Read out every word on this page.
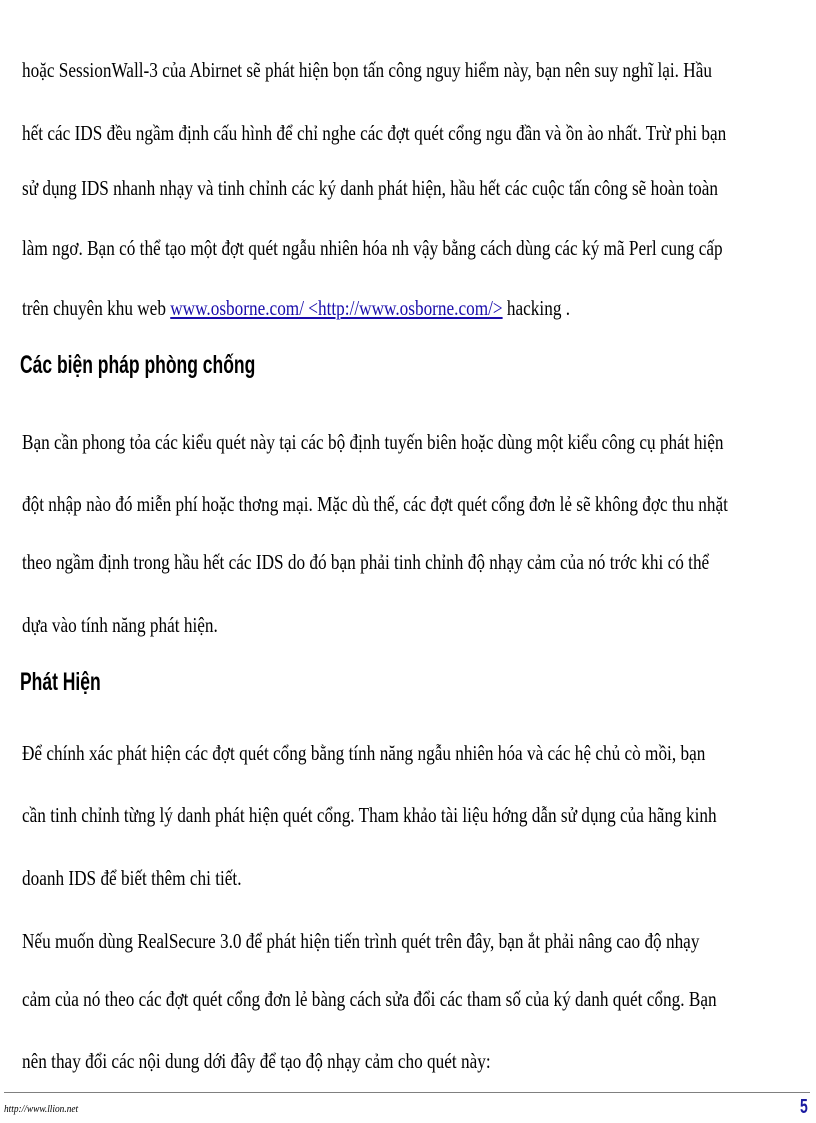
hoặc SessionWall-3 của Abirnet sẽ phát hiện bọn tấn công nguy hiểm này, bạn nên suy nghĩ lại. Hầu
hết các IDS đều ngầm định cấu hình để chỉ nghe các đợt quét cổng ngu đần và ồn ào nhất. Trừ phi bạn
sử dụng IDS nhanh nhạy và tinh chỉnh các ký danh phát hiện, hầu hết các cuộc tấn công sẽ hoàn toàn
làm ngơ. Bạn có thể tạo một đợt quét ngẫu nhiên hóa nh vậy bằng cách dùng các ký mã Perl cung cấp
trên chuyên khu web www.osborne.com/ <http://www.osborne.com/> hacking .
Các biện pháp phòng chống
Bạn cần phong tỏa các kiểu quét này tại các bộ định tuyến biên hoặc dùng một kiểu công cụ phát hiện
đột nhập nào đó miễn phí hoặc thơng mại. Mặc dù thế, các đợt quét cổng đơn lẻ sẽ không đợc thu nhặt
theo ngầm định trong hầu hết các IDS do đó bạn phải tinh chỉnh độ nhạy cảm của nó trớc khi có thể
dựa vào tính năng phát hiện.
Phát Hiện
Để chính xác phát hiện các đợt quét cổng bằng tính năng ngẫu nhiên hóa và các hệ chủ cò mồi, bạn
cần tinh chỉnh từng lý danh phát hiện quét cổng. Tham khảo tài liệu hớng dẫn sử dụng của hãng kinh
doanh IDS để biết thêm chi tiết.
Nếu muốn dùng RealSecure 3.0 để phát hiện tiến trình quét trên đây, bạn ắt phải nâng cao độ nhạy
cảm của nó theo các đợt quét cổng đơn lẻ bàng cách sửa đổi các tham số của ký danh quét cổng. Bạn
nên thay đổi các nội dung dới đây để tạo độ nhạy cảm cho quét này:
http://www.llion.net	5
